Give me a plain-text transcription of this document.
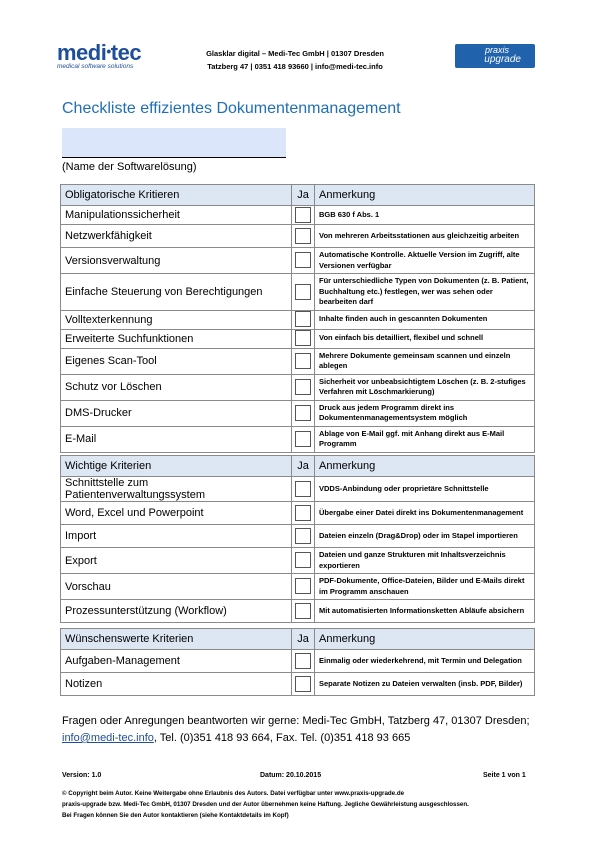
medi•tec
medical software solutions
Glasklar digital – Medi-Tec GmbH | 01307 Dresden
Tatzberg 47 | 0351 418 93660 | info@medi-tec.info
praxis
upgrade
Checkliste effizientes Dokumentenmanagement
(Name der Softwarelösung)
Obligatorische Kritieren	Ja	Anmerkung
Manipulationssicherheit		BGB 630 f Abs. 1
Netzwerkfähigkeit		Von mehreren Arbeitsstationen aus gleichzeitig arbeiten
Versionsverwaltung		Automatische Kontrolle. Aktuelle Version im Zugriff, alte Versionen verfügbar
Einfache Steuerung von Berechtigungen		Für unterschiedliche Typen von Dokumenten (z. B. Patient, Buchhaltung etc.) festlegen, wer was sehen oder bearbeiten darf
Volltexterkennung		Inhalte finden auch in gescannten Dokumenten
Erweiterte Suchfunktionen		Von einfach bis detailliert, flexibel und schnell
Eigenes Scan-Tool		Mehrere Dokumente gemeinsam scannen und einzeln ablegen
Schutz vor Löschen		Sicherheit vor unbeabsichtigtem Löschen (z. B. 2-stufiges Verfahren mit Löschmarkierung)
DMS-Drucker		Druck aus jedem Programm direkt ins Dokumentenmanagementsystem möglich
E-Mail		Ablage von E-Mail ggf. mit Anhang direkt aus E-Mail Programm
Wichtige Kriterien	Ja	Anmerkung
Schnittstelle zum Patientenverwaltungssystem		VDDS-Anbindung oder proprietäre Schnittstelle
Word, Excel und Powerpoint		Übergabe einer Datei direkt ins Dokumentenmanagement
Import		Dateien einzeln (Drag&Drop) oder im Stapel importieren
Export		Dateien und ganze Strukturen mit Inhaltsverzeichnis exportieren
Vorschau		PDF-Dokumente, Office-Dateien, Bilder und E-Mails direkt im Programm anschauen
Prozessunterstützung (Workflow)		Mit automatisierten Informationsketten Abläufe absichern
Wünschenswerte Kriterien	Ja	Anmerkung
Aufgaben-Management		Einmalig oder wiederkehrend, mit Termin und Delegation
Notizen		Separate Notizen zu Dateien verwalten (insb. PDF, Bilder)
Fragen oder Anregungen beantworten wir gerne: Medi-Tec GmbH, Tatzberg 47, 01307 Dresden;
info@medi-tec.info, Tel. (0)351 418 93 664, Fax. Tel. (0)351 418 93 665
Version: 1.0	Datum: 20.10.2015	Seite 1 von 1
© Copyright beim Autor. Keine Weitergabe ohne Erlaubnis des Autors. Datei verfügbar unter www.praxis-upgrade.de
praxis-upgrade bzw. Medi-Tec GmbH, 01307 Dresden und der Autor übernehmen keine Haftung. Jegliche Gewährleistung ausgeschlossen.
Bei Fragen können Sie den Autor kontaktieren (siehe Kontaktdetails im Kopf)
